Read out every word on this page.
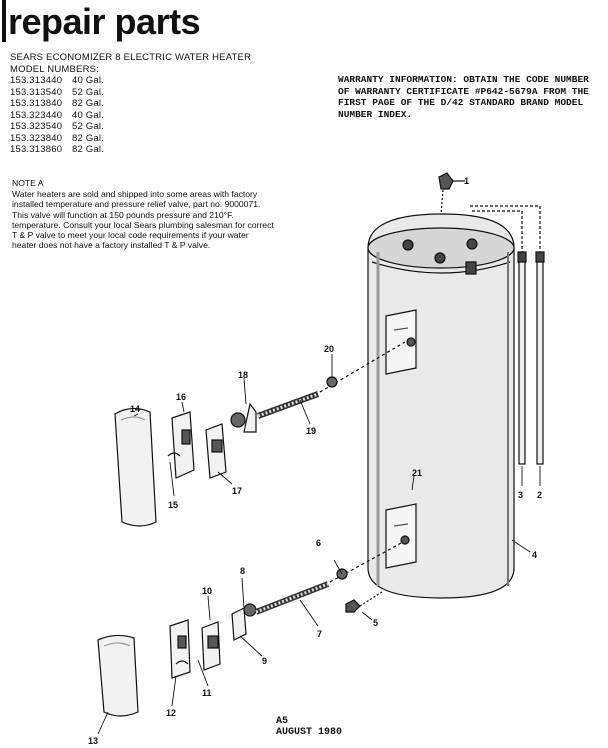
repair parts
SEARS ECONOMIZER 8 ELECTRIC WATER HEATER
MODEL NUMBERS:
153.313440 40 Gal.
153.313540 52 Gal.
153.313840 82 Gal.
153.323440 40 Gal.
153.323540 52 Gal.
153.323840 82 Gal.
153.313860 82 Gal.
WARRANTY INFORMATION: OBTAIN THE CODE NUMBER OF WARRANTY CERTIFICATE #P642-5679A FROM THE FIRST PAGE OF THE D/42 STANDARD BRAND MODEL NUMBER INDEX.
NOTE A
Water heaters are sold and shipped into some areas with factory installed temperature and pressure relief valve, part no. 9000071. This valve will function at 150 pounds pressure and 210°F. temperature. Consult your local Sears plumbing salesman for correct T & P valve to meet your local code requirements if your water heater does not have a factory installed T & P valve.
1
2
3
4
5
6
7
8
9
10
11
12
13
14
15
16
17
18
19
20
21
A5
AUGUST 1980
